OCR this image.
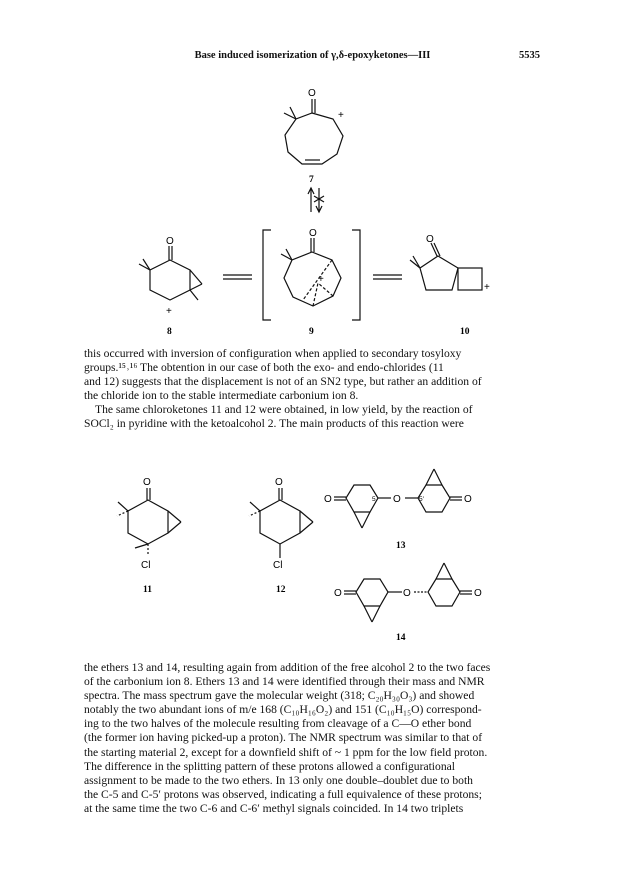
Base induced isomerization of γ,δ-epoxyketones—III	5535
O
+
O
+
O
+
O
+
7
8	9	10
this occurred with inversion of configuration when applied to secondary tosyloxy
groups.¹⁵˒¹⁶ The obtention in our case of both the exo- and endo-chlorides (11
and 12) suggests that the displacement is not of an SN2 type, but rather an addition of
the chloride ion to the stable intermediate carbonium ion 8.
The same chloroketones 11 and 12 were obtained, in low yield, by the reaction of
SOCl₂ in pyridine with the ketoalcohol 2. The main products of this reaction were
O
Cl
O
Cl
O	O	O
5	5′
O	O	O
11	12
13
14
the ethers 13 and 14, resulting again from addition of the free alcohol 2 to the two faces
of the carbonium ion 8. Ethers 13 and 14 were identified through their mass and NMR
spectra. The mass spectrum gave the molecular weight (318; C₂₀H₃₀O₃) and showed
notably the two abundant ions of m/e 168 (C₁₀H₁₆O₂) and 151 (C₁₀H₁₅O) correspond-
ing to the two halves of the molecule resulting from cleavage of a C—O ether bond
(the former ion having picked-up a proton). The NMR spectrum was similar to that of
the starting material 2, except for a downfield shift of ~ 1 ppm for the low field proton.
The difference in the splitting pattern of these protons allowed a configurational
assignment to be made to the two ethers. In 13 only one double–doublet due to both
the C-5 and C-5′ protons was observed, indicating a full equivalence of these protons;
at the same time the two C-6 and C-6′ methyl signals coincided. In 14 two triplets
